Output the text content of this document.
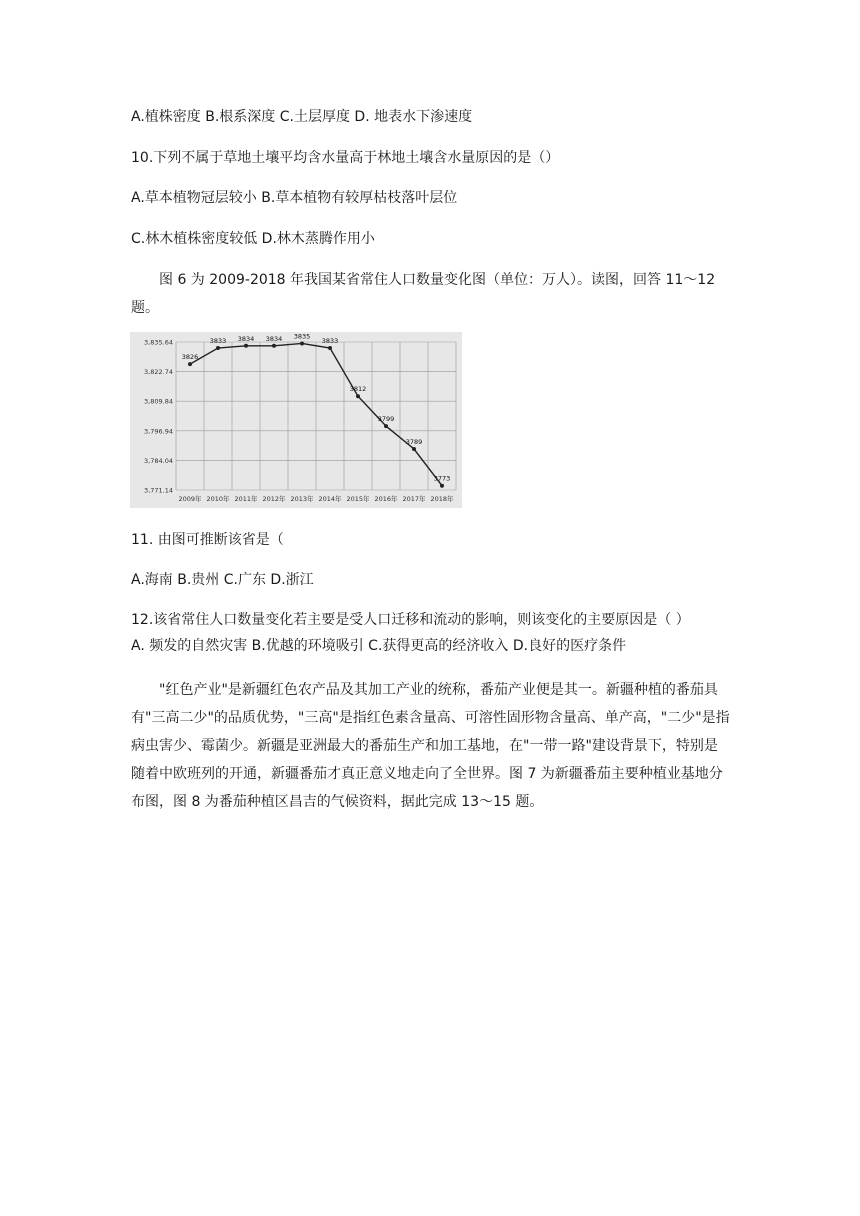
A.植株密度 B.根系深度 C.土层厚度 D. 地表水下渗速度
10.下列不属于草地土壤平均含水量高于林地土壤含水量原因的是（）
A.草本植物冠层较小 B.草本植物有较厚枯枝落叶层位
C.林木植株密度较低 D.林木蒸腾作用小
图 6 为 2009-2018 年我国某省常住人口数量变化图（单位：万人）。读图，回答 11～12 题。
3,835.64
3,822.74
3,809.84
3,796.94
3,784.04
3,771.14
2009年 2010年 2011年 2012年 2013年 2014年 2015年 2016年 2017年 2018年
3826
3833 3834 3834 3835
3833
3812
3799
3789
3773
11. 由图可推断该省是（
A.海南 B.贵州 C.广东 D.浙江
12.该省常住人口数量变化若主要是受人口迁移和流动的影响，则该变化的主要原因是（ ）
A. 频发的自然灾害 B.优越的环境吸引 C.获得更高的经济收入 D.良好的医疗条件
"红色产业"是新疆红色农产品及其加工产业的统称，番茄产业便是其一。新疆种植的番茄具有"三高二少"的品质优势，"三高"是指红色素含量高、可溶性固形物含量高、单产高，"二少"是指病虫害少、霉菌少。新疆是亚洲最大的番茄生产和加工基地，在"一带一路"建设背景下，特别是随着中欧班列的开通，新疆番茄才真正意义地走向了全世界。图 7 为新疆番茄主要种植业基地分布图，图 8 为番茄种植区昌吉的气候资料，据此完成 13～15 题。
